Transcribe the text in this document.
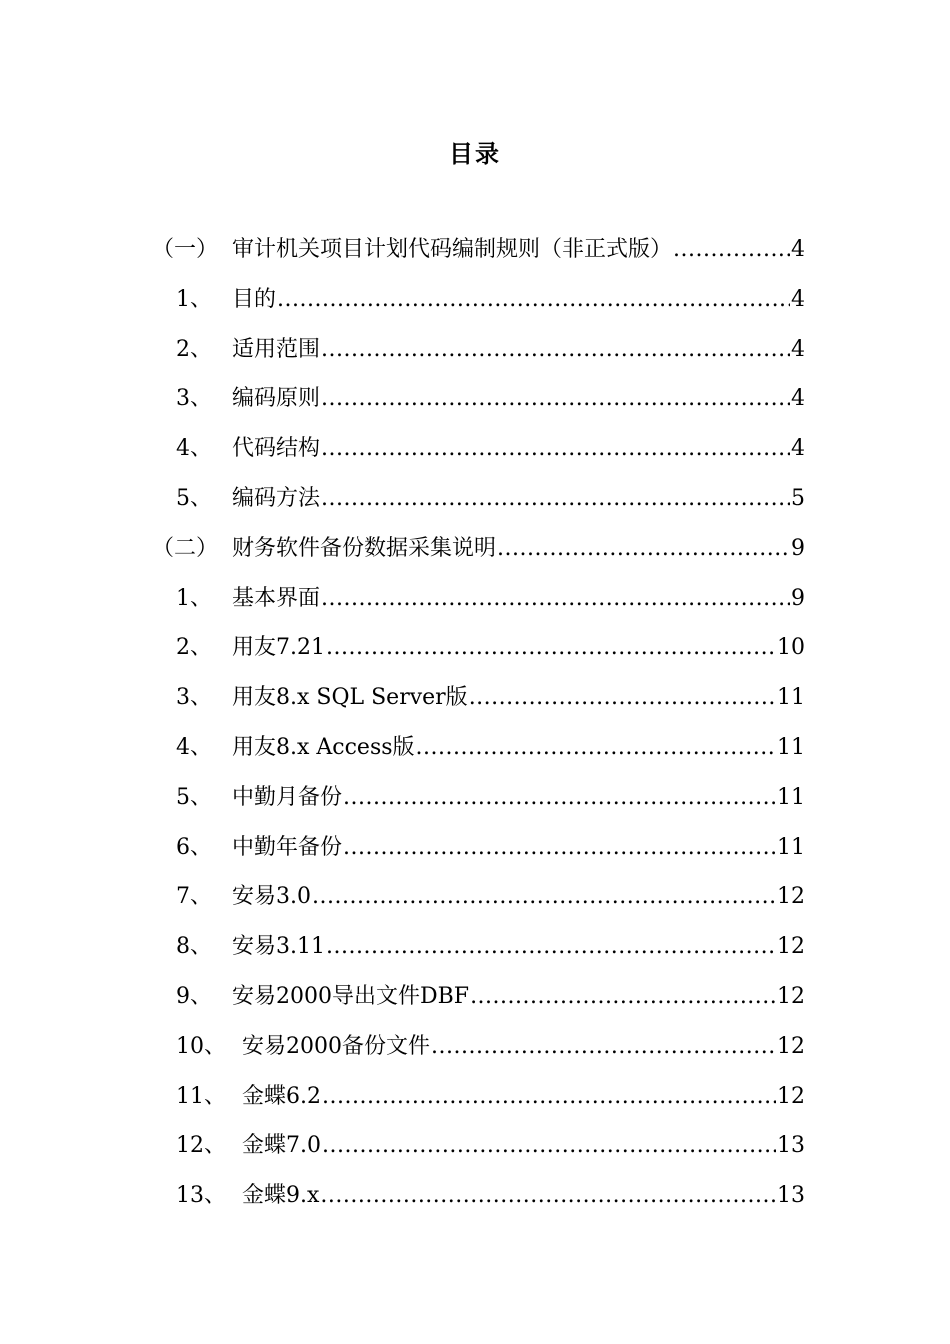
目录
（一） 审计机关项目计划代码编制规则（非正式版） .....	4
1、 目的 .....	4
2、 适用范围 .....	4
3、 编码原则 .....	4
4、 代码结构 .....	4
5、 编码方法 .....	5
（二） 财务软件备份数据采集说明 .....	9
1、 基本界面 .....	9
2、 用友7.21 .....	10
3、 用友8.x SQL Server版 .....	11
4、 用友8.x Access版 .....	11
5、 中勤月备份 .....	11
6、 中勤年备份 .....	11
7、 安易3.0 .....	12
8、 安易3.11 .....	12
9、 安易2000导出文件DBF .....	12
10、 安易2000备份文件 .....	12
11、 金蝶6.2 .....	12
12、 金蝶7.0 .....	13
13、 金蝶9.x .....	13
